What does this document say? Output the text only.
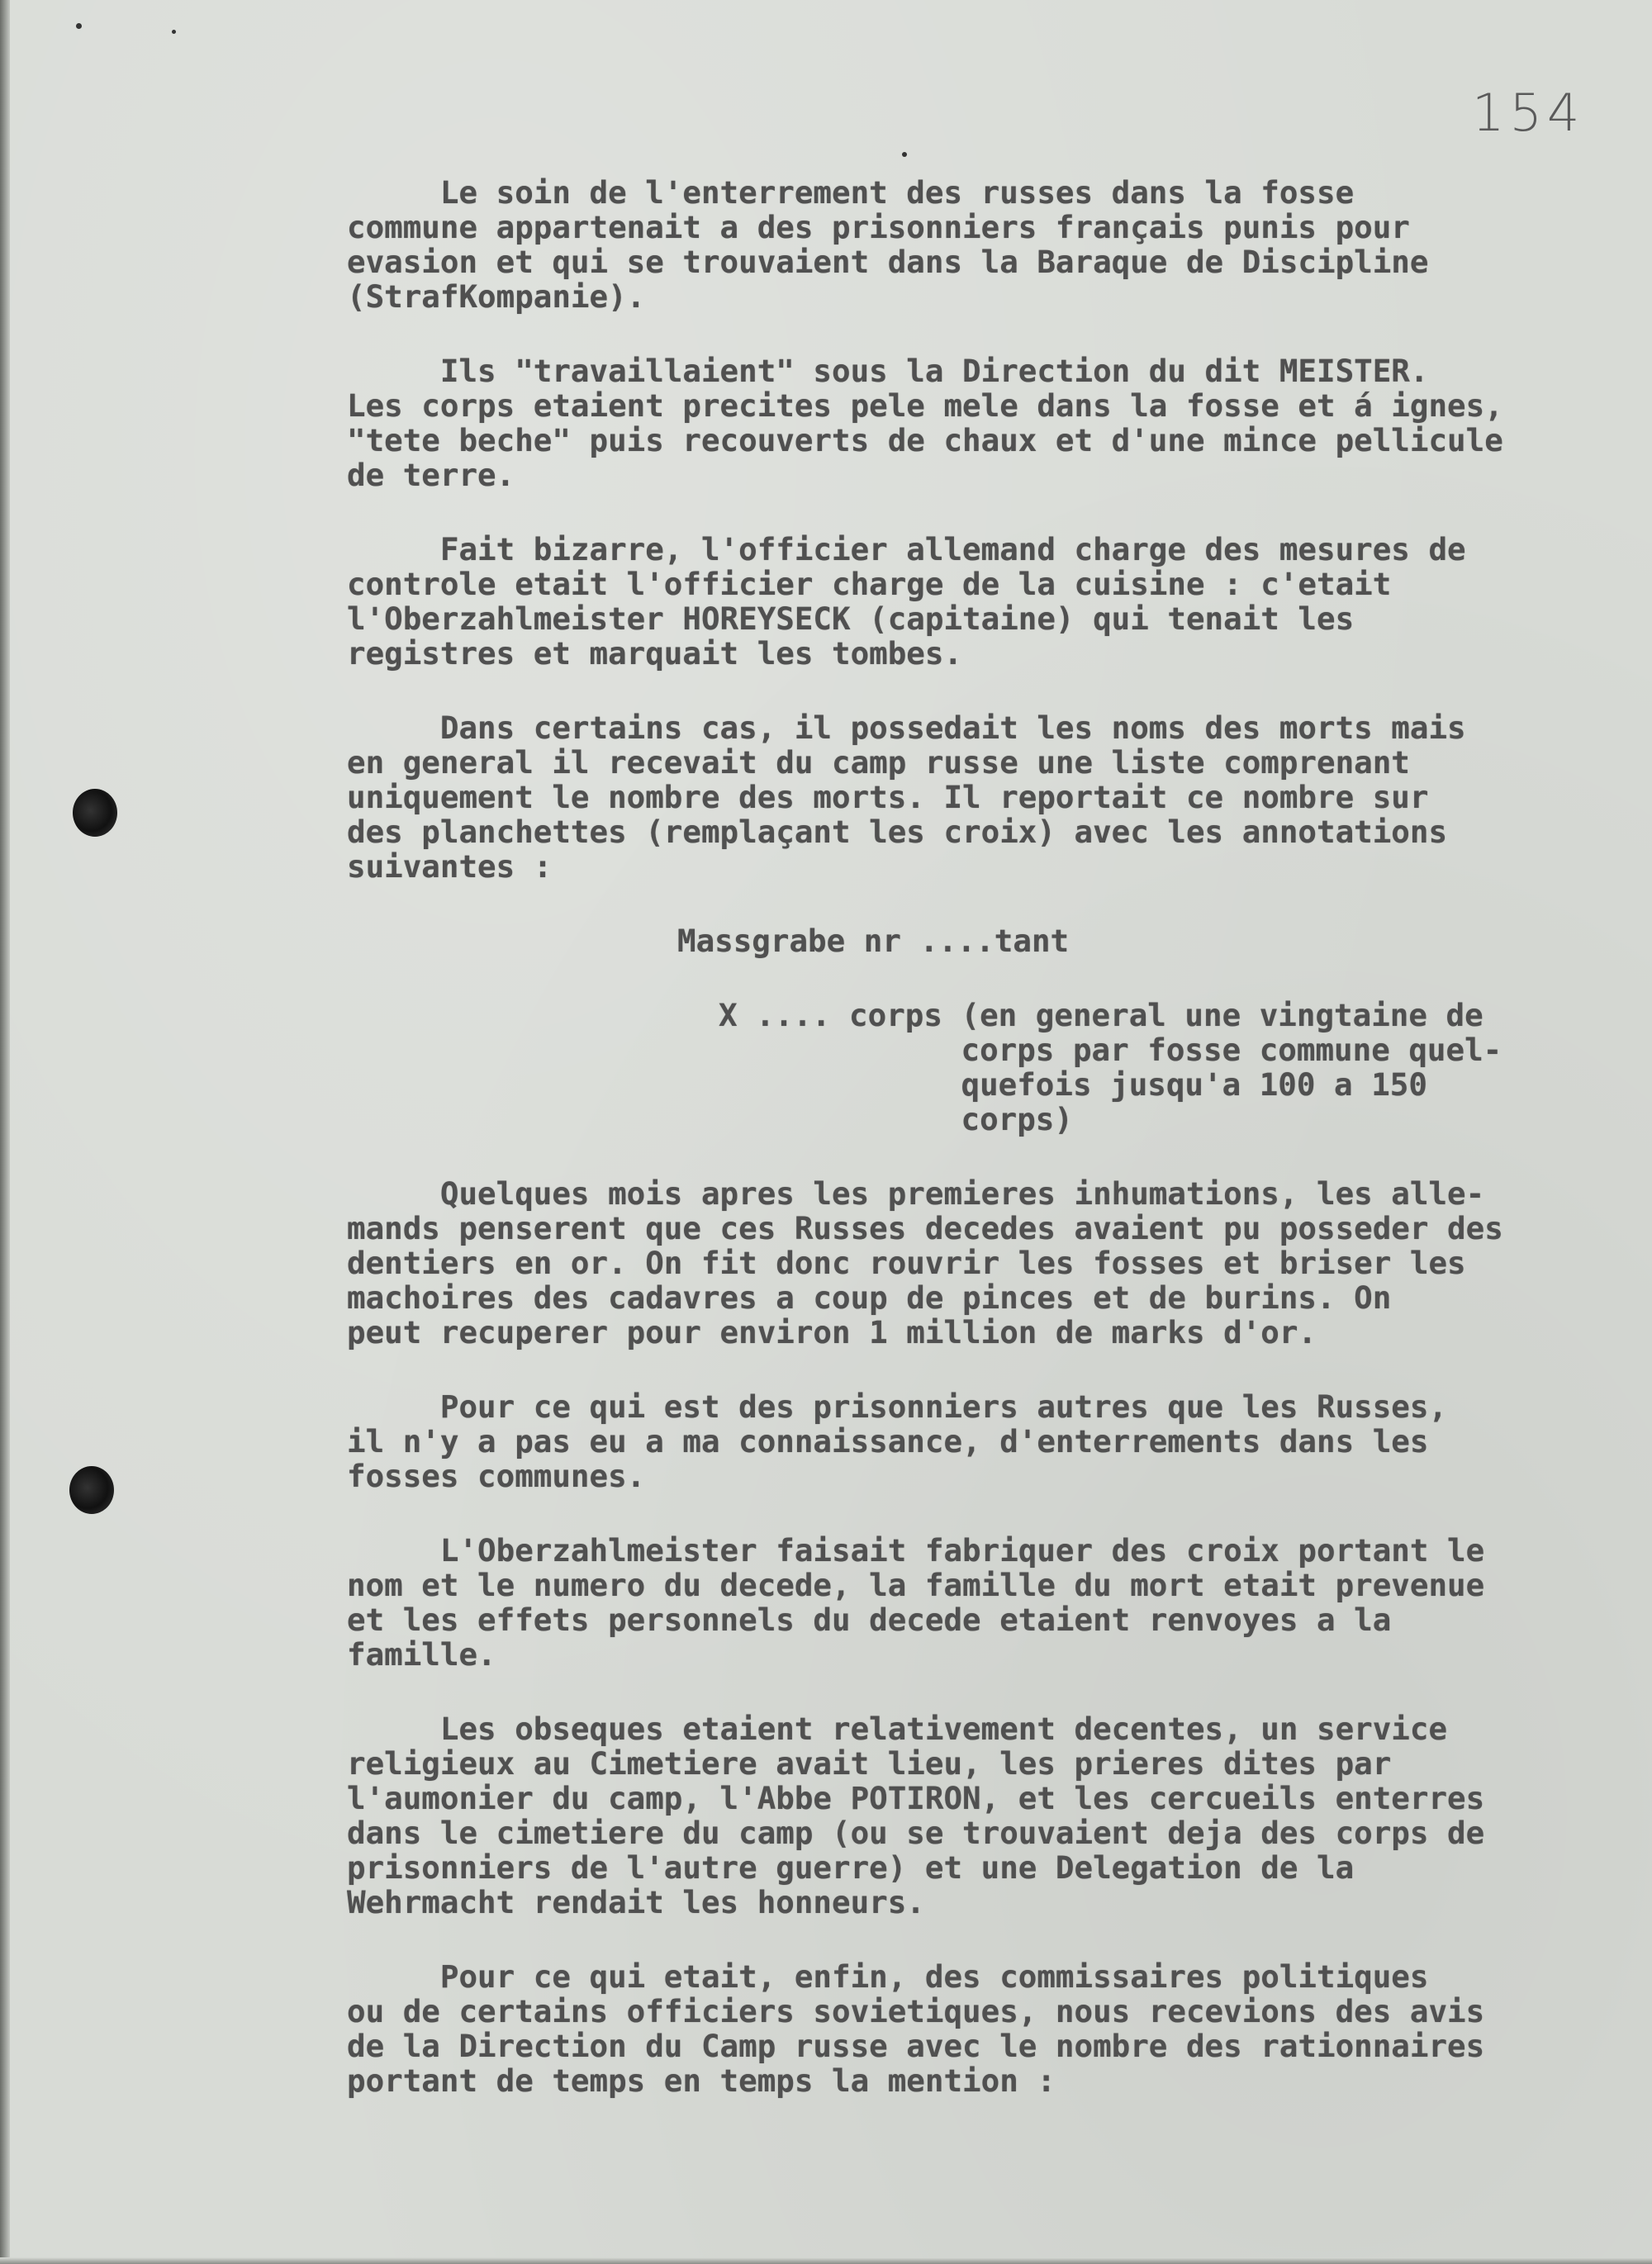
154

Le soin de l'enterrement des russes dans la fosse
commune appartenait a des prisonniers français punis pour
evasion et qui se trouvaient dans la Baraque de Discipline
(StrafKompanie).

Ils "travaillaient" sous la Direction du dit MEISTER.
Les corps etaient precites pele mele dans la fosse et á ignes,
"tete beche" puis recouverts de chaux et d'une mince pellicule
de terre.

Fait bizarre, l'officier allemand charge des mesures de
controle etait l'officier charge de la cuisine : c'etait
l'Oberzahlmeister HOREYSECK (capitaine) qui tenait les
registres et marquait les tombes.

Dans certains cas, il possedait les noms des morts mais
en general il recevait du camp russe une liste comprenant
uniquement le nombre des morts. Il reportait ce nombre sur
des planchettes (remplaçant les croix) avec les annotations
suivantes :

Massgrabe nr ....tant

X .... corps (en general une vingtaine de
corps par fosse commune quel-
quefois jusqu'a 100 a 150
corps)

Quelques mois apres les premieres inhumations, les alle-
mands penserent que ces Russes decedes avaient pu posseder des
dentiers en or. On fit donc rouvrir les fosses et briser les
machoires des cadavres a coup de pinces et de burins. On
peut recuperer pour environ 1 million de marks d'or.

Pour ce qui est des prisonniers autres que les Russes,
il n'y a pas eu a ma connaissance, d'enterrements dans les
fosses communes.

L'Oberzahlmeister faisait fabriquer des croix portant le
nom et le numero du decede, la famille du mort etait prevenue
et les effets personnels du decede etaient renvoyes a la
famille.

Les obseques etaient relativement decentes, un service
religieux au Cimetiere avait lieu, les prieres dites par
l'aumonier du camp, l'Abbe POTIRON, et les cercueils enterres
dans le cimetiere du camp (ou se trouvaient deja des corps de
prisonniers de l'autre guerre) et une Delegation de la
Wehrmacht rendait les honneurs.

Pour ce qui etait, enfin, des commissaires politiques
ou de certains officiers sovietiques, nous recevions des avis
de la Direction du Camp russe avec le nombre des rationnaires
portant de temps en temps la mention :
